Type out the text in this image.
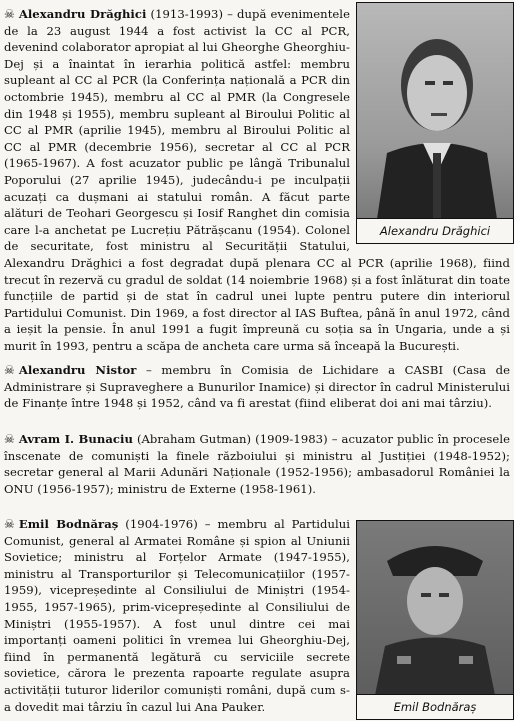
Alexandru Drăghici
Emil Bodnăraș

☠ Alexandru Drăghici (1913-1993) – după evenimentele de la 23 august 1944 a fost activist la CC al PCR, devenind colaborator apropiat al lui Gheorghe Gheorghiu-Dej și a înaintat în ierarhia politică astfel: membru supleant al CC al PCR (la Conferința națională a PCR din octombrie 1945), membru al CC al PMR (la Congresele din 1948 și 1955), membru supleant al Biroului Politic al CC al PMR (aprilie 1945), membru al Biroului Politic al CC al PMR (decembrie 1956), secretar al CC al PCR (1965-1967). A fost acuzator public pe lângă Tribunalul Poporului (27 aprilie 1945), judecându-i pe inculpații acuzați ca dușmani ai statului român. A făcut parte alături de Teohari Georgescu și Iosif Ranghet din comisia care l-a anchetat pe Lucrețiu Pătrășcanu (1954). Colonel de securitate, fost ministru al Securității Statului, Alexandru Drăghici a fost degradat după plenara CC al PCR (aprilie 1968), fiind trecut în rezervă cu gradul de soldat (14 noiembrie 1968) și a fost înlăturat din toate funcțiile de partid și de stat în cadrul unei lupte pentru putere din interiorul Partidului Comunist. Din 1969, a fost director al IAS Buftea, până în anul 1972, când a ieșit la pensie. În anul 1991 a fugit împreună cu soția sa în Ungaria, unde a și murit în 1993, pentru a scăpa de ancheta care urma să înceapă la București.

☠ Alexandru Nistor – membru în Comisia de Lichidare a CASBI (Casa de Administrare și Supraveghere a Bunurilor Inamice) și director în cadrul Ministerului de Finanțe între 1948 și 1952, când va fi arestat (fiind eliberat doi ani mai târziu).

☠ Avram I. Bunaciu (Abraham Gutman) (1909-1983) – acuzator public în procesele înscenate de comuniști la finele războiului și ministru al Justiției (1948-1952); secretar general al Marii Adunări Naționale (1952-1956); ambasadorul României la ONU (1956-1957); ministru de Externe (1958-1961).

☠ Emil Bodnăraș (1904-1976) – membru al Partidului Comunist, general al Armatei Române și spion al Uniunii Sovietice; ministru al Forțelor Armate (1947-1955), ministru al Transporturilor și Telecomunicațiilor (1957-1959), vicepreședinte al Consiliului de Miniștri (1954-1955, 1957-1965), prim-vicepreședinte al Consiliului de Miniștri (1955-1957). A fost unul dintre cei mai importanți oameni politici în vremea lui Gheorghiu-Dej, fiind în permanentă legătură cu serviciile secrete sovietice, cărora le prezenta rapoarte regulate asupra activității tuturor liderilor comuniști români, după cum s-a dovedit mai târziu în cazul lui Ana Pauker.
